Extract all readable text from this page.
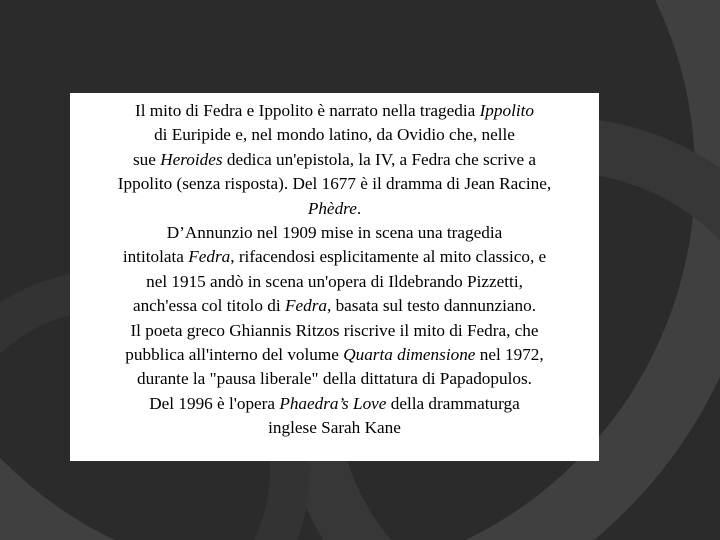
Il mito di Fedra e Ippolito è narrato nella tragedia Ippolito
di Euripide e, nel mondo latino, da Ovidio che, nelle
sue Heroides dedica un'epistola, la IV, a Fedra che scrive a
Ippolito (senza risposta). Del 1677 è il dramma di Jean Racine,
Phèdre.
D’Annunzio nel 1909 mise in scena una tragedia
intitolata Fedra, rifacendosi esplicitamente al mito classico, e
nel 1915 andò in scena un'opera di Ildebrando Pizzetti,
anch'essa col titolo di Fedra, basata sul testo dannunziano.
Il poeta greco Ghiannis Ritzos riscrive il mito di Fedra, che
pubblica all'interno del volume Quarta dimensione nel 1972,
durante la "pausa liberale" della dittatura di Papadopulos.
Del 1996 è l'opera Phaedra’s Love della drammaturga
inglese Sarah Kane
